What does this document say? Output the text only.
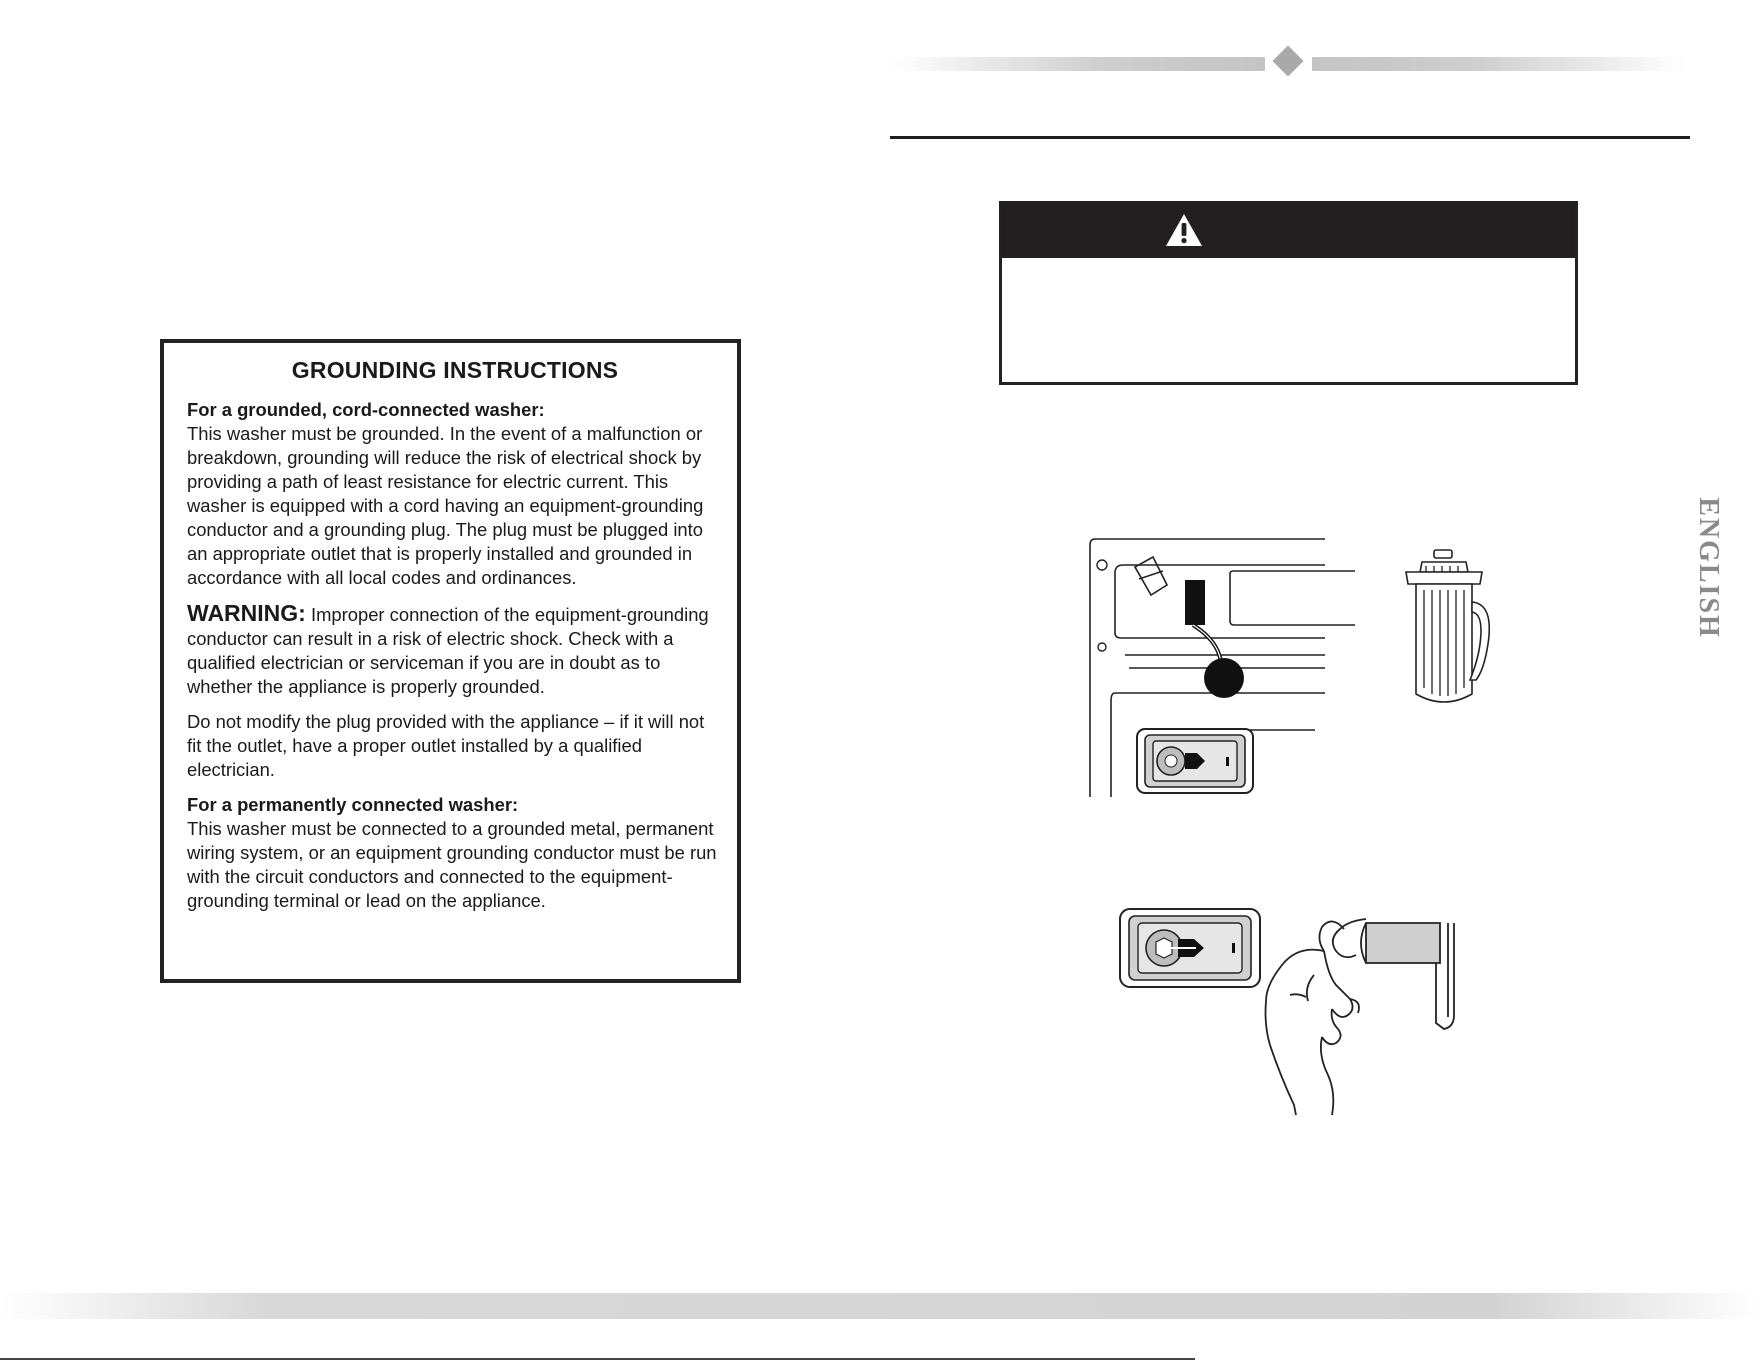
GROUNDING INSTRUCTIONS
For a grounded, cord-connected washer:
This washer must be grounded. In the event of a malfunction or breakdown, grounding will reduce the risk of electrical shock by providing a path of least resistance for electric current. This washer is equipped with a cord having an equipment-grounding conductor and a grounding plug. The plug must be plugged into an appropriate outlet that is properly installed and grounded in accordance with all local codes and ordinances.
WARNING: Improper connection of the equipment-grounding conductor can result in a risk of electric shock. Check with a qualified electrician or serviceman if you are in doubt as to whether the appliance is properly grounded.
Do not modify the plug provided with the appliance – if it will not fit the outlet, have a proper outlet installed by a qualified electrician.
For a permanently connected washer:
This washer must be connected to a grounded metal, permanent wiring system, or an equipment grounding conductor must be run with the circuit conductors and connected to the equipment-grounding terminal or lead on the appliance.
ENGLISH
